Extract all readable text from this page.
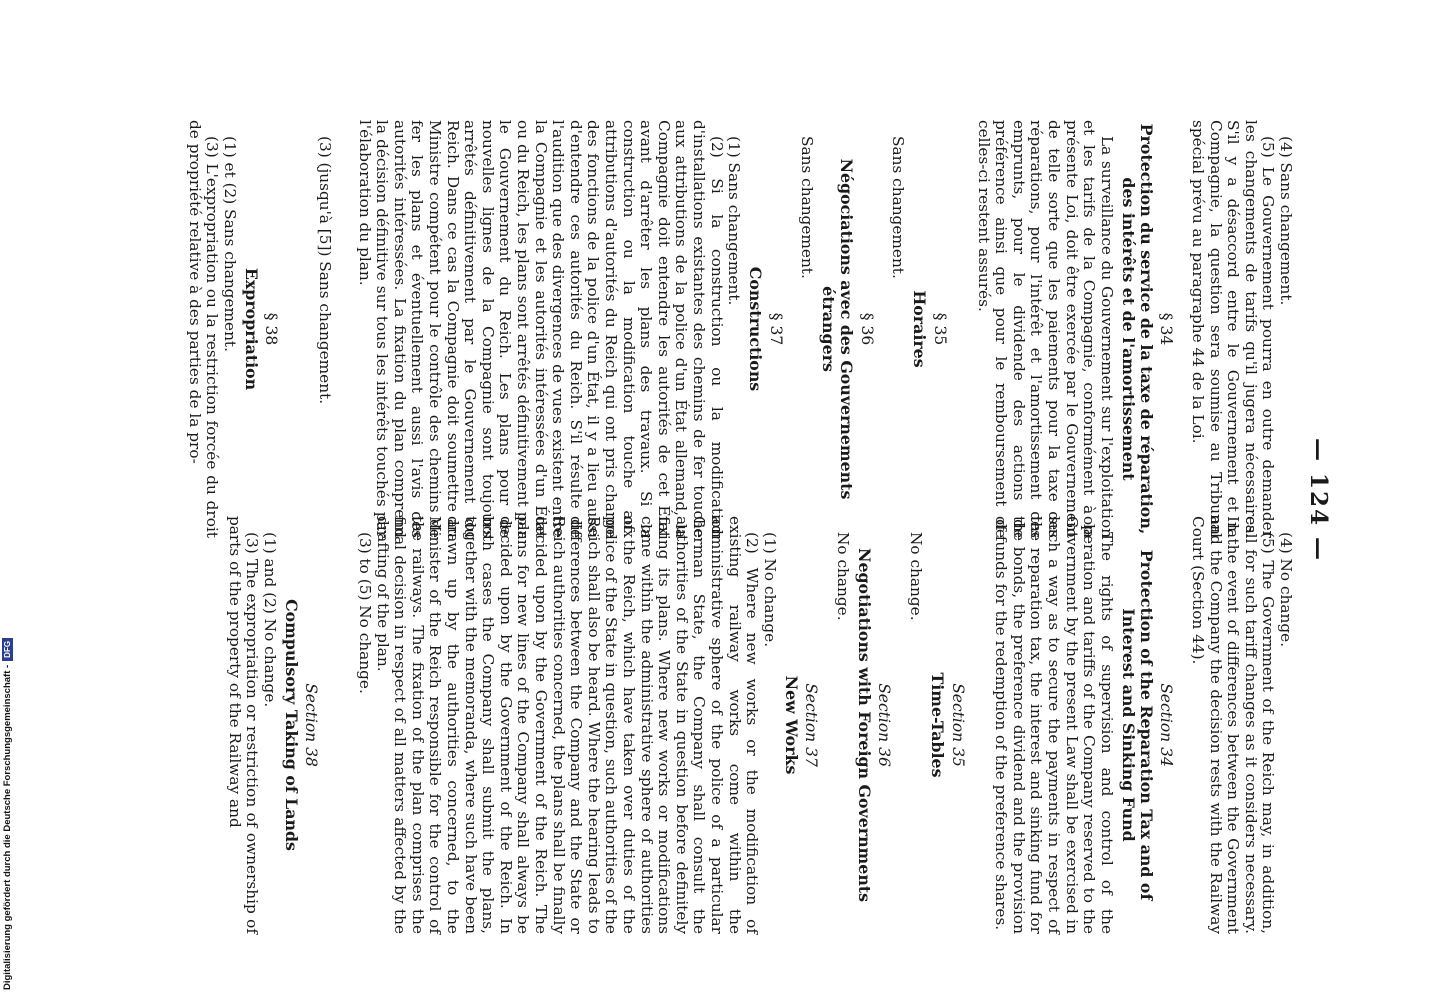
— 124 —

(4) Sans changement.

(5) Le Gouvernement pourra en outre demander les changements de tarifs qu'il jugera nécessaires. S'il y a désaccord entre le Gouvernement et la Compagnie, la question sera soumise au Tribunal spécial prévu au paragraphe 44 de la Loi.

§ 34
Protection du service de la taxe de réparation, des intérêts et de l'amortissement

La surveillance du Gouvernement sur l'exploitation et les tarifs de la Compagnie, conformément à la présente Loi, doit être exercée par le Gouvernement de telle sorte que les paiements pour la taxe des réparations, pour l'intérêt et l'amortissement des emprunts, pour le dividende des actions de préférence ainsi que pour le remboursement de celles-ci restent assurés.

§ 35
Horaires

Sans changement.

§ 36
Négociations avec des Gouvernements étrangers

Sans changement.

§ 37
Constructions

(1) Sans changement.

(2) Si la construction ou la modification d'installations existantes des chemins de fer touche aux attributions de la police d'un État allemand, la Compagnie doit entendre les autorités de cet État avant d'arrêter les plans des travaux. Si la construction ou la modification touche aux attributions d'autorités du Reich qui ont pris charge des fonctions de la police d'un État, il y a lieu aussi d'entendre ces autorités du Reich. S'il résulte de l'audition que des divergences de vues existent entre la Compagnie et les autorités intéressées d'un État ou du Reich, les plans sont arrêtés définitivement par le Gouvernement du Reich. Les plans pour de nouvelles lignes de la Compagnie sont toujours arrêtés définitivement par le Gouvernement du Reich. Dans ce cas la Compagnie doit soumettre au Ministre compétent pour le contrôle des chemins de fer les plans et éventuellement aussi l'avis des autorités intéressées. La fixation du plan comprend la décision définitive sur tous les intérêts touchés par l'élaboration du plan.

(3) (jusqu'à [5]) Sans changement.

§ 38
Expropriation

(1) et (2) Sans changement.

(3) L'expropriation ou la restriction forcée du droit de propriété relative à des parties de la pro-

(4) No change.

(5) The Government of the Reich may, in addition, call for such tariff changes as it considers necessary. In the event of differences between the Government and the Company the decision rests with the Railway Court (Section 44).

Section 34
Protection of the Reparation Tax and of Interest and Sinking Fund

The rights of supervision and control of the operation and tariffs of the Company reserved to the Government by the present Law shall be exercised in such a way as to secure the payments in respect of the reparation tax, the interest and sinking fund for the bonds, the preference dividend and the provision of funds for the redemption of the preference shares.

Section 35
Time-Tables

No change.

Section 36
Negotiations with Foreign Governments

No change.

Section 37
New Works

(1) No change.

(2) Where new works or the modification of existing railway works come within the administrative sphere of the police of a particular German State, the Company shall consult the authorities of the State in question before definitely fixing its plans. Where new works or modifications come within the administrative sphere of authorities of the Reich, which have taken over duties of the police of the State in question, such authorities of the Reich shall also be heard. Where the hearing leads to differences between the Company and the State or Reich authorities concerned, the plans shall be finally decided upon by the Government of the Reich. The plans for new lines of the Company shall always be decided upon by the Government of the Reich. In both cases the Company shall submit the plans, together with the memoranda, where such have been drawn up by the authorities concerned, to the Minister of the Reich responsible for the control of the railways. The fixation of the plan comprises the final decision in respect of all matters affected by the drafting of the plan.

(3) to (5) No change.

Section 38
Compulsory Taking of Lands

(1) and (2) No change.

(3) The expropriation or restriction of ownership of parts of the property of the Railway and

Digitalisierung gefördert durch die Deutsche Forschungsgemeinschaft -DFG
